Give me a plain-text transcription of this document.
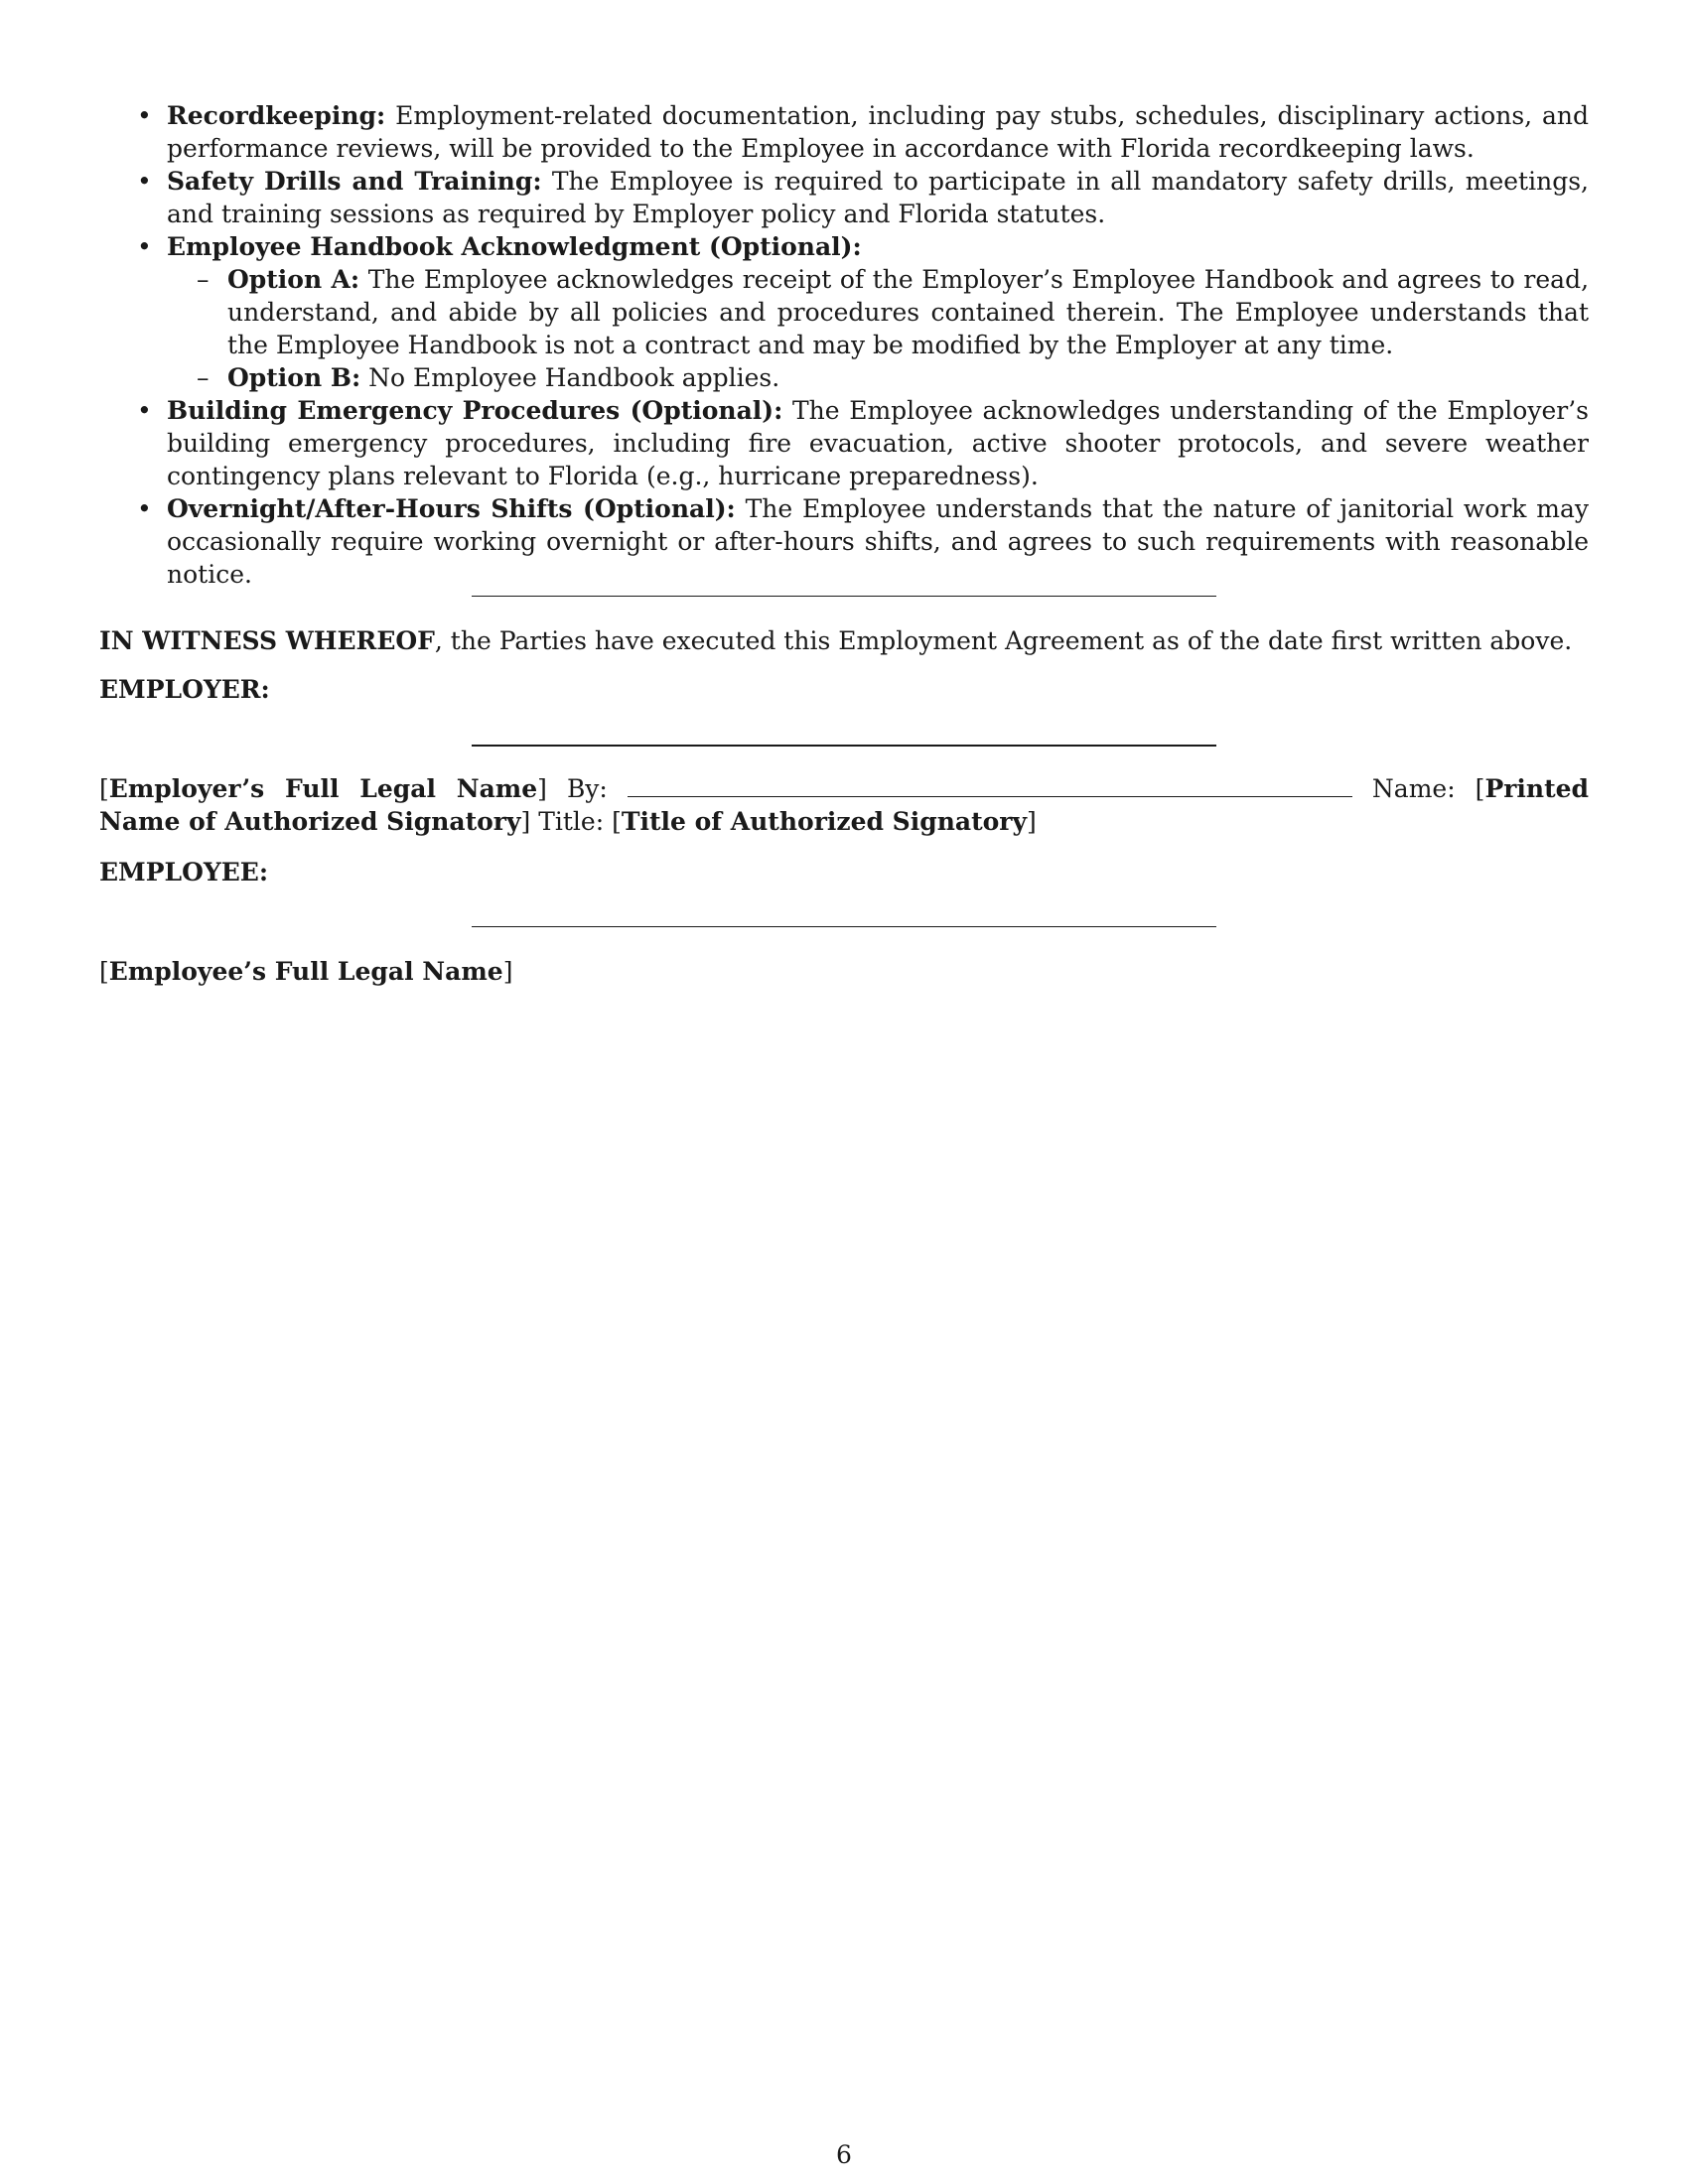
• Recordkeeping: Employment-related documentation, including pay stubs, schedules, disciplinary actions, and performance reviews, will be provided to the Employee in accordance with Florida recordkeeping laws.
• Safety Drills and Training: The Employee is required to participate in all mandatory safety drills, meetings, and training sessions as required by Employer policy and Florida statutes.
• Employee Handbook Acknowledgment (Optional):
– Option A: The Employee acknowledges receipt of the Employer’s Employee Handbook and agrees to read, understand, and abide by all policies and procedures contained therein. The Employee understands that the Employee Handbook is not a contract and may be modified by the Employer at any time.
– Option B: No Employee Handbook applies.
• Building Emergency Procedures (Optional): The Employee acknowledges understanding of the Employer’s building emergency procedures, including fire evacuation, active shooter protocols, and severe weather contingency plans relevant to Florida (e.g., hurricane preparedness).
• Overnight/After-Hours Shifts (Optional): The Employee understands that the nature of janitorial work may occasionally require working overnight or after-hours shifts, and agrees to such requirements with reasonable notice.
IN WITNESS WHEREOF, the Parties have executed this Employment Agreement as of the date first written above.
EMPLOYER:
[Employer’s Full Legal Name] By:	Name: [Printed Name of Authorized Signatory] Title: [Title of Authorized Signatory]
EMPLOYEE:
[Employee’s Full Legal Name]
6
